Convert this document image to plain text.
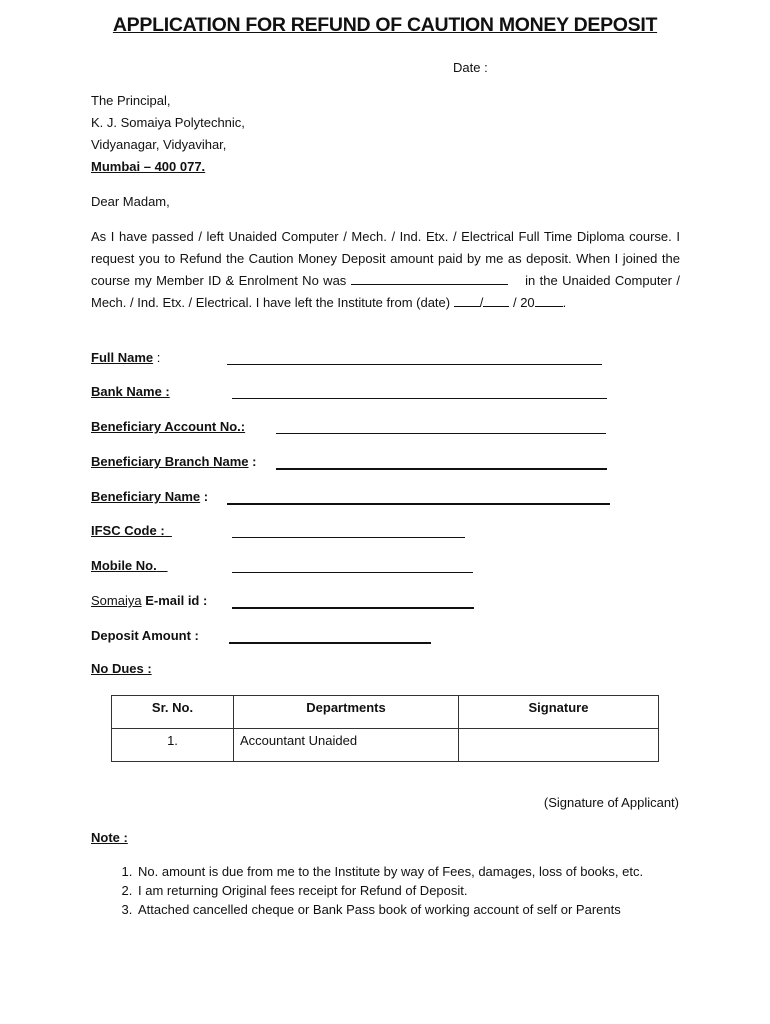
APPLICATION FOR REFUND OF CAUTION MONEY DEPOSIT
Date :
The Principal,
K. J. Somaiya Polytechnic,
Vidyanagar, Vidyavihar,
Mumbai – 400 077.
Dear Madam,
As I have passed / left Unaided Computer / Mech. / Ind. Etx. / Electrical Full Time Diploma course. I request you to Refund the Caution Money Deposit amount paid by me as deposit. When I joined the course my Member ID & Enrolment No was	in the Unaided Computer / Mech. / Ind. Etx. / Electrical. I have left the Institute from (date) / / 20 .
Full Name :
Bank Name :
Beneficiary Account No.:
Beneficiary Branch Name :
Beneficiary Name :
IFSC Code :
Mobile No.
Somaiya E-mail id :
Deposit Amount :
No Dues :
Sr. No.	Departments	Signature
1.	Accountant Unaided	
(Signature of Applicant)
Note :
1. No. amount is due from me to the Institute by way of Fees, damages, loss of books, etc.
2. I am returning Original fees receipt for Refund of Deposit.
3. Attached cancelled cheque or Bank Pass book of working account of self or Parents
